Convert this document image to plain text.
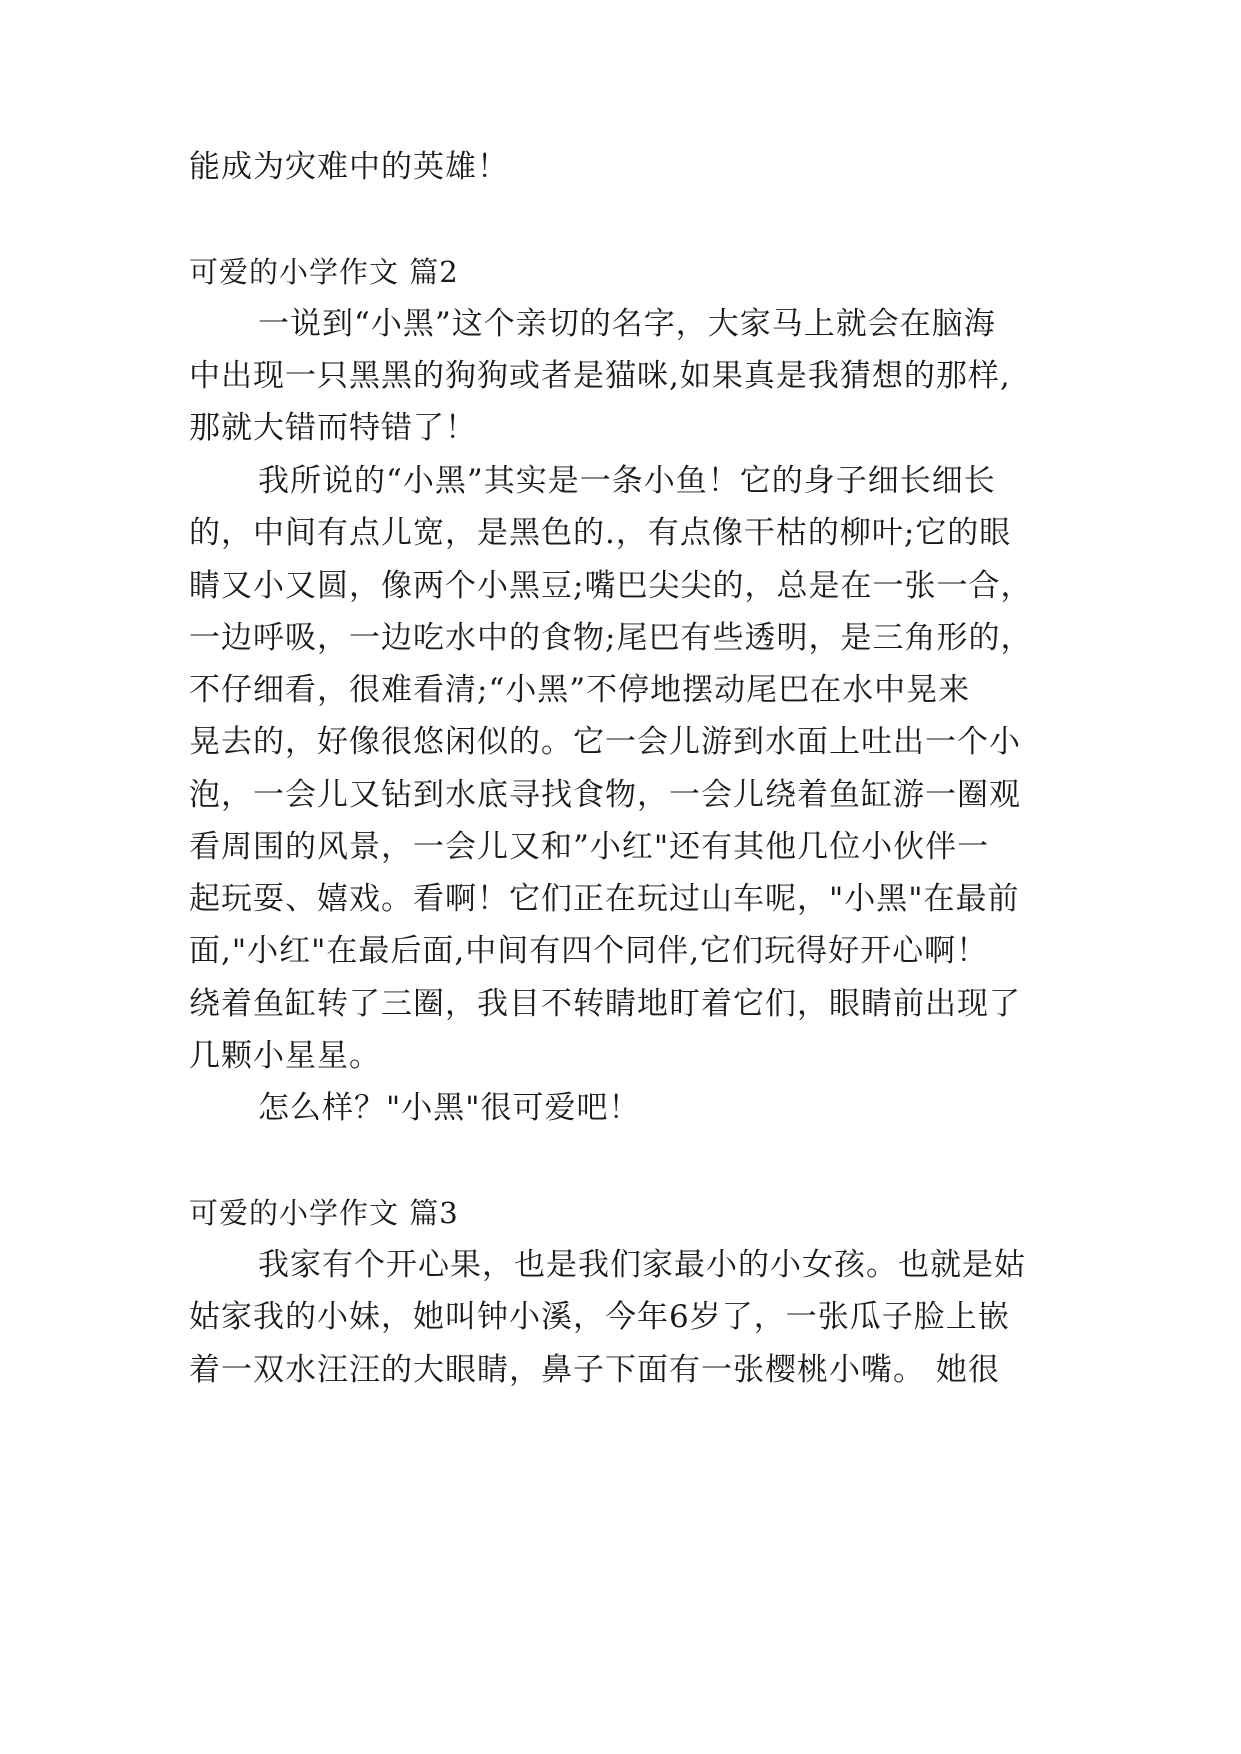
能成为灾难中的英雄！
可爱的小学作文 篇2
一说到“小黑”这个亲切的名字，大家马上就会在脑海
中出现一只黑黑的狗狗或者是猫咪,如果真是我猜想的那样,
那就大错而特错了！
我所说的“小黑”其实是一条小鱼！它的身子细长细长
的，中间有点儿宽，是黑色的.，有点像干枯的柳叶;它的眼
睛又小又圆，像两个小黑豆;嘴巴尖尖的，总是在一张一合，
一边呼吸，一边吃水中的食物;尾巴有些透明，是三角形的，
不仔细看，很难看清;“小黑”不停地摆动尾巴在水中晃来
晃去的，好像很悠闲似的。它一会儿游到水面上吐出一个小
泡，一会儿又钻到水底寻找食物，一会儿绕着鱼缸游一圈观
看周围的风景，一会儿又和”小红"还有其他几位小伙伴一
起玩耍、嬉戏。看啊！它们正在玩过山车呢，"小黑"在最前
面,"小红"在最后面,中间有四个同伴,它们玩得好开心啊！
绕着鱼缸转了三圈，我目不转睛地盯着它们，眼睛前出现了
几颗小星星。
怎么样？"小黑"很可爱吧！
可爱的小学作文 篇3
我家有个开心果，也是我们家最小的小女孩。也就是姑
姑家我的小妹，她叫钟小溪，今年6岁了，一张瓜子脸上嵌
着一双水汪汪的大眼睛，鼻子下面有一张樱桃小嘴。 她很
